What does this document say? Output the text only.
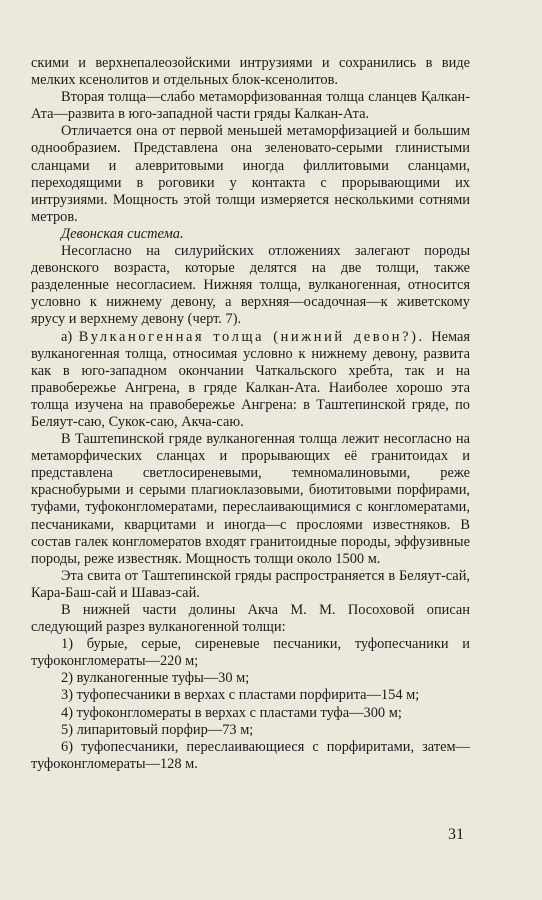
скими и верхнепалеозойскими интрузиями и сохранились в виде мелких ксенолитов и отдельных блок-ксенолитов.

Вторая толща—слабо метаморфизованная толща сланцев Қалкан-Ата—развита в юго-западной части гряды Калкан-Ата.

Отличается она от первой меньшей метаморфизацией и большим однообразием. Представлена она зеленовато-серыми глинистыми сланцами и алевритовыми иногда филлитовыми сланцами, переходящими в роговики у контакта с прорывающими их интрузиями. Мощность этой толщи измеряется несколькими сотнями метров.

Девонская система.

Несогласно на силурийских отложениях залегают породы девонского возраста, которые делятся на две толщи, также разделенные несогласием. Нижняя толща, вулканогенная, относится условно к нижнему девону, а верхняя—осадочная—к живетскому ярусу и верхнему девону (черт. 7).

а) Вулканогенная толща (нижний девон?). Немая вулканогенная толща, относимая условно к нижнему девону, развита как в юго-западном окончании Чаткальского хребта, так и на правобережье Ангрена, в гряде Калкан-Ата. Наиболее хорошо эта толща изучена на правобережье Ангрена: в Таштепинской гряде, по Беляут-саю, Сукок-саю, Акча-саю.

В Таштепинской гряде вулканогенная толща лежит несогласно на метаморфических сланцах и прорывающих её гранитоидах и представлена светлосиреневыми, темномалиновыми, реже краснобурыми и серыми плагиоклазовыми, биотитовыми порфирами, туфами, туфоконгломератами, переслаивающимися с конгломератами, песчаниками, кварцитами и иногда—с прослоями известняков. В состав галек конгломератов входят гранитоидные породы, эффузивные породы, реже известняк. Мощность толщи около 1500 м.

Эта свита от Таштепинской гряды распространяется в Беляут-сай, Кара-Баш-сай и Шаваз-сай.

В нижней части долины Акча М. М. Посоховой описан следующий разрез вулканогенной толщи:

1) бурые, серые, сиреневые песчаники, туфопесчаники и туфоконгломераты—220 м;

2) вулканогенные туфы—30 м;

3) туфопесчаники в верхах с пластами порфирита—154 м;

4) туфоконгломераты в верхах с пластами туфа—300 м;

5) липаритовый порфир—73 м;

6) туфопесчаники, переслаивающиеся с порфиритами, затем—туфоконгломераты—128 м.

31
